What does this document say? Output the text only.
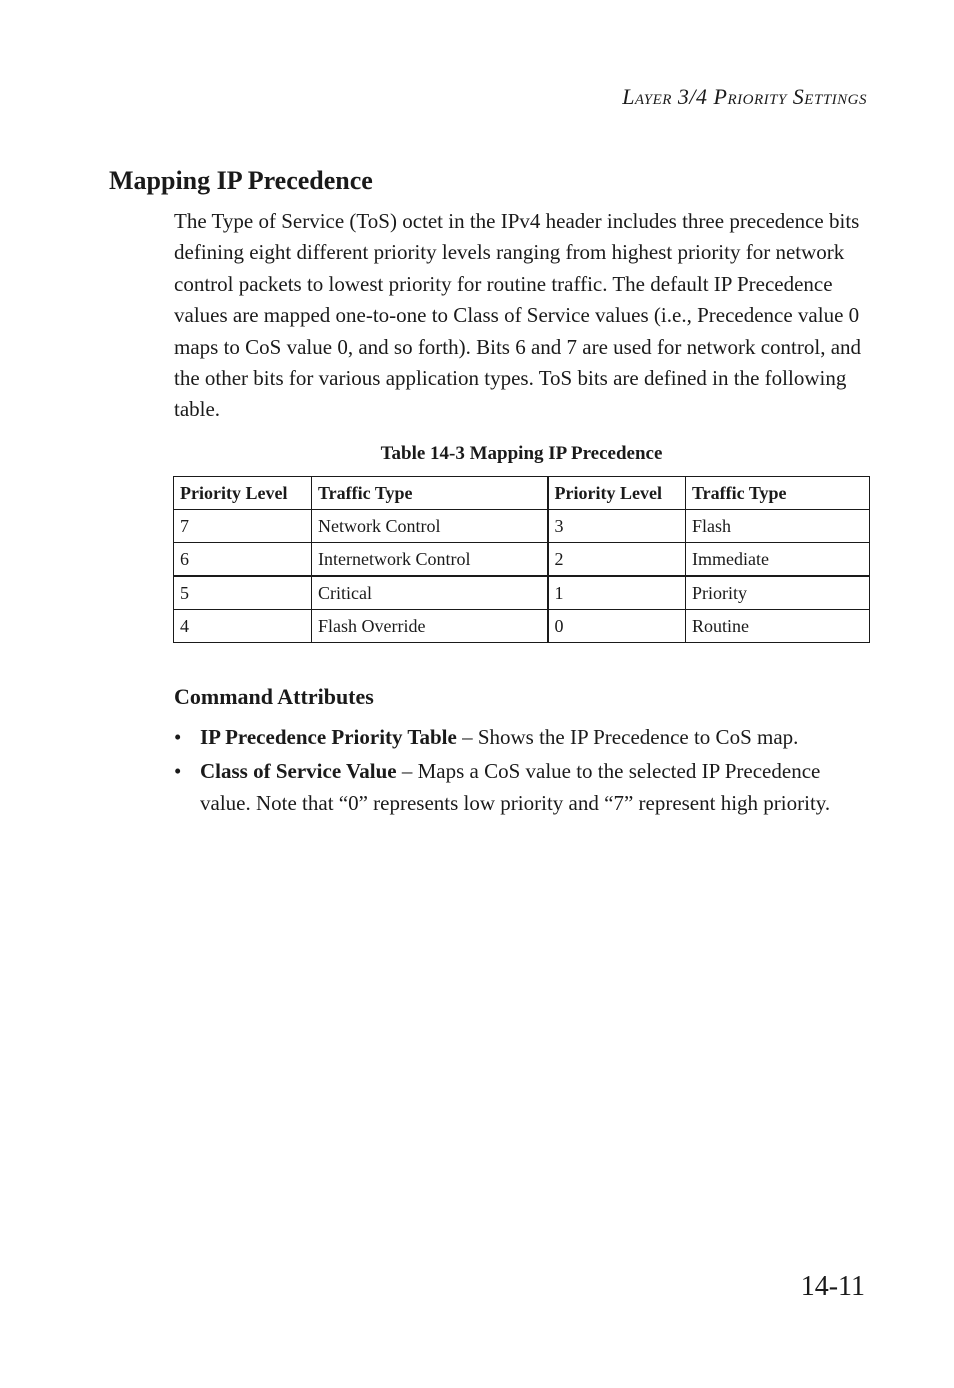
Layer 3/4 Priority Settings
Mapping IP Precedence

The Type of Service (ToS) octet in the IPv4 header includes three precedence bits defining eight different priority levels ranging from highest priority for network control packets to lowest priority for routine traffic. The default IP Precedence values are mapped one-to-one to Class of Service values (i.e., Precedence value 0 maps to CoS value 0, and so forth). Bits 6 and 7 are used for network control, and the other bits for various application types. ToS bits are defined in the following table.

Table 14-3 Mapping IP Precedence
Priority Level	Traffic Type	Priority Level	Traffic Type
7	Network Control	3	Flash
6	Internetwork Control	2	Immediate
5	Critical	1	Priority
4	Flash Override	0	Routine
Command Attributes
• IP Precedence Priority Table – Shows the IP Precedence to CoS map.
• Class of Service Value – Maps a CoS value to the selected IP Precedence value. Note that “0” represents low priority and “7” represent high priority.
14-11
